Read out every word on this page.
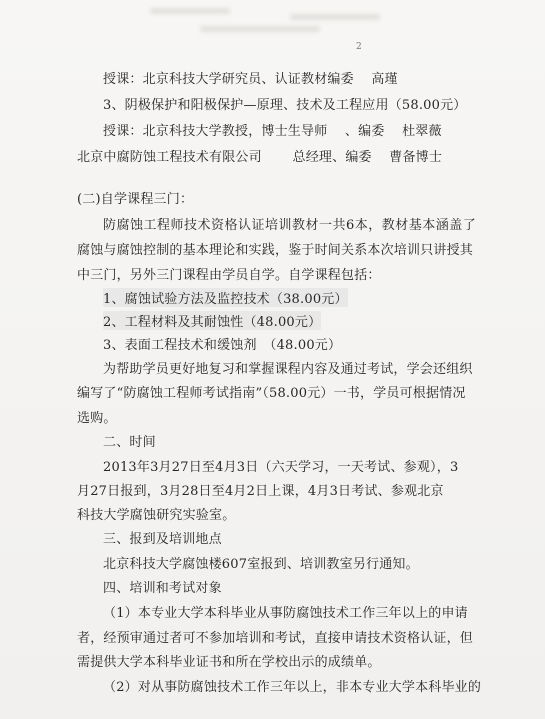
2
授课：北京科技大学研究员、认证教材编委　 高瑾
3、阴极保护和阳极保护—原理、技术及工程应用（58.00元）
授课：北京科技大学教授，博士生导师 　、编委　 杜翠薇
北京中腐防蚀工程技术有限公司　 　总经理、编委 　曹备博士
(二)自学课程三门：
防腐蚀工程师技术资格认证培训教材一共6本，教材基本涵盖了
腐蚀与腐蚀控制的基本理论和实践，鉴于时间关系本次培训只讲授其
中三门，另外三门课程由学员自学。自学课程包括：
1、腐蚀试验方法及监控技术（38.00元）
2、工程材料及其耐蚀性（48.00元）
3、表面工程技术和缓蚀剂　（48.00元）
为帮助学员更好地复习和掌握课程内容及通过考试，学会还组织
编写了“防腐蚀工程师考试指南”（58.00元）一书，学员可根据情况
选购。
二、时间
2013年3月27日至4月3日（六天学习，一天考试、参观），3
月27日报到，3月28日至4月2日上课，4月3日考试、参观北京
科技大学腐蚀研究实验室。
三、报到及培训地点
北京科技大学腐蚀楼607室报到、培训教室另行通知。
四、培训和考试对象
（1）本专业大学本科毕业从事防腐蚀技术工作三年以上的申请
者，经预审通过者可不参加培训和考试，直接申请技术资格认证，但
需提供大学本科毕业证书和所在学校出示的成绩单。
（2）对从事防腐蚀技术工作三年以上，非本专业大学本科毕业的
